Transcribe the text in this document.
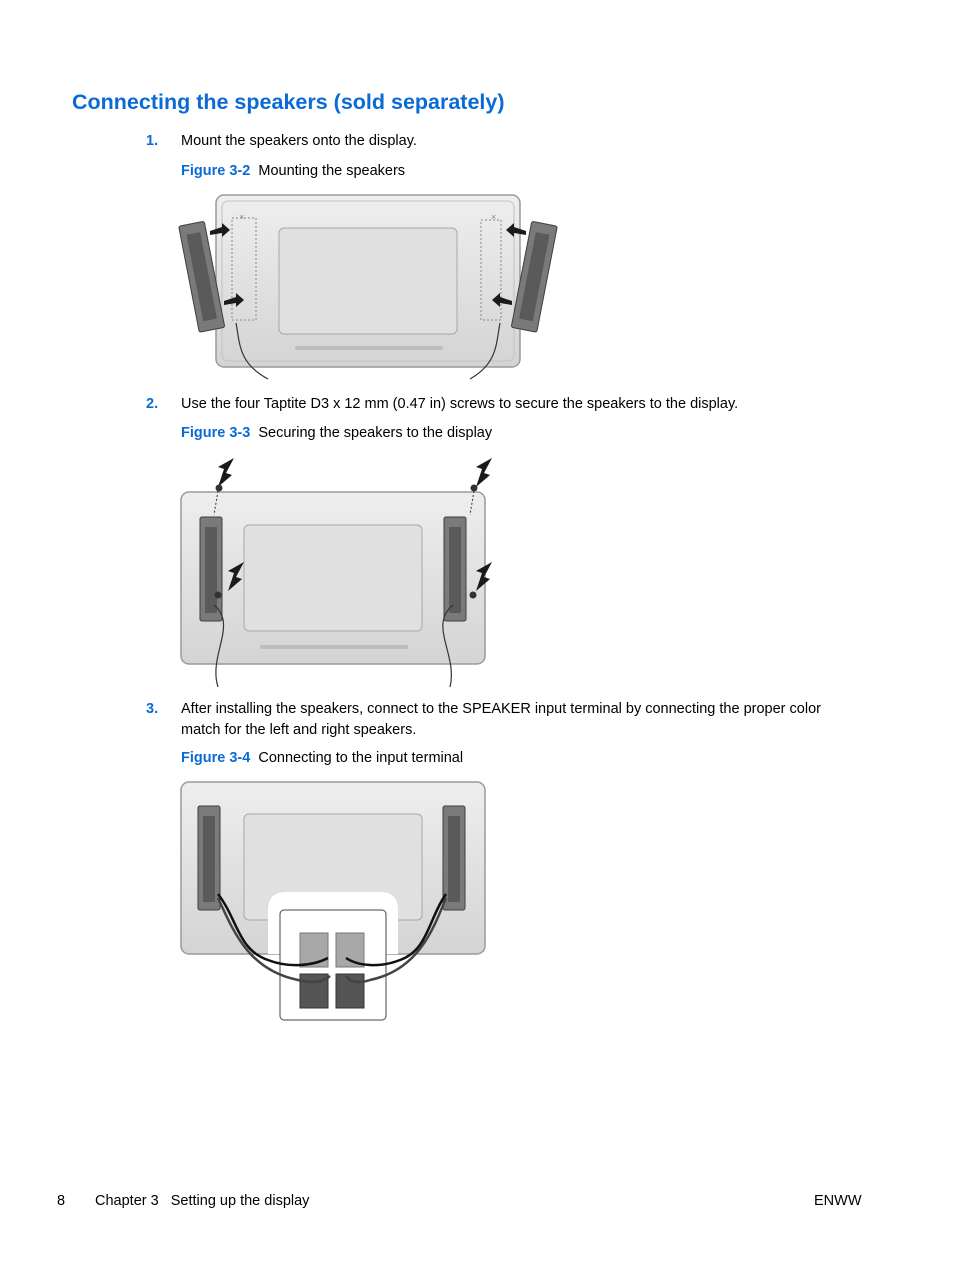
Connecting the speakers (sold separately)
1. Mount the speakers onto the display.
Figure 3-2 Mounting the speakers
×	×
2. Use the four Taptite D3 x 12 mm (0.47 in) screws to secure the speakers to the display.
Figure 3-3 Securing the speakers to the display
3. After installing the speakers, connect to the SPEAKER input terminal by connecting the proper color match for the left and right speakers.
Figure 3-4 Connecting to the input terminal
8 Chapter 3   Setting up the display	ENWW
